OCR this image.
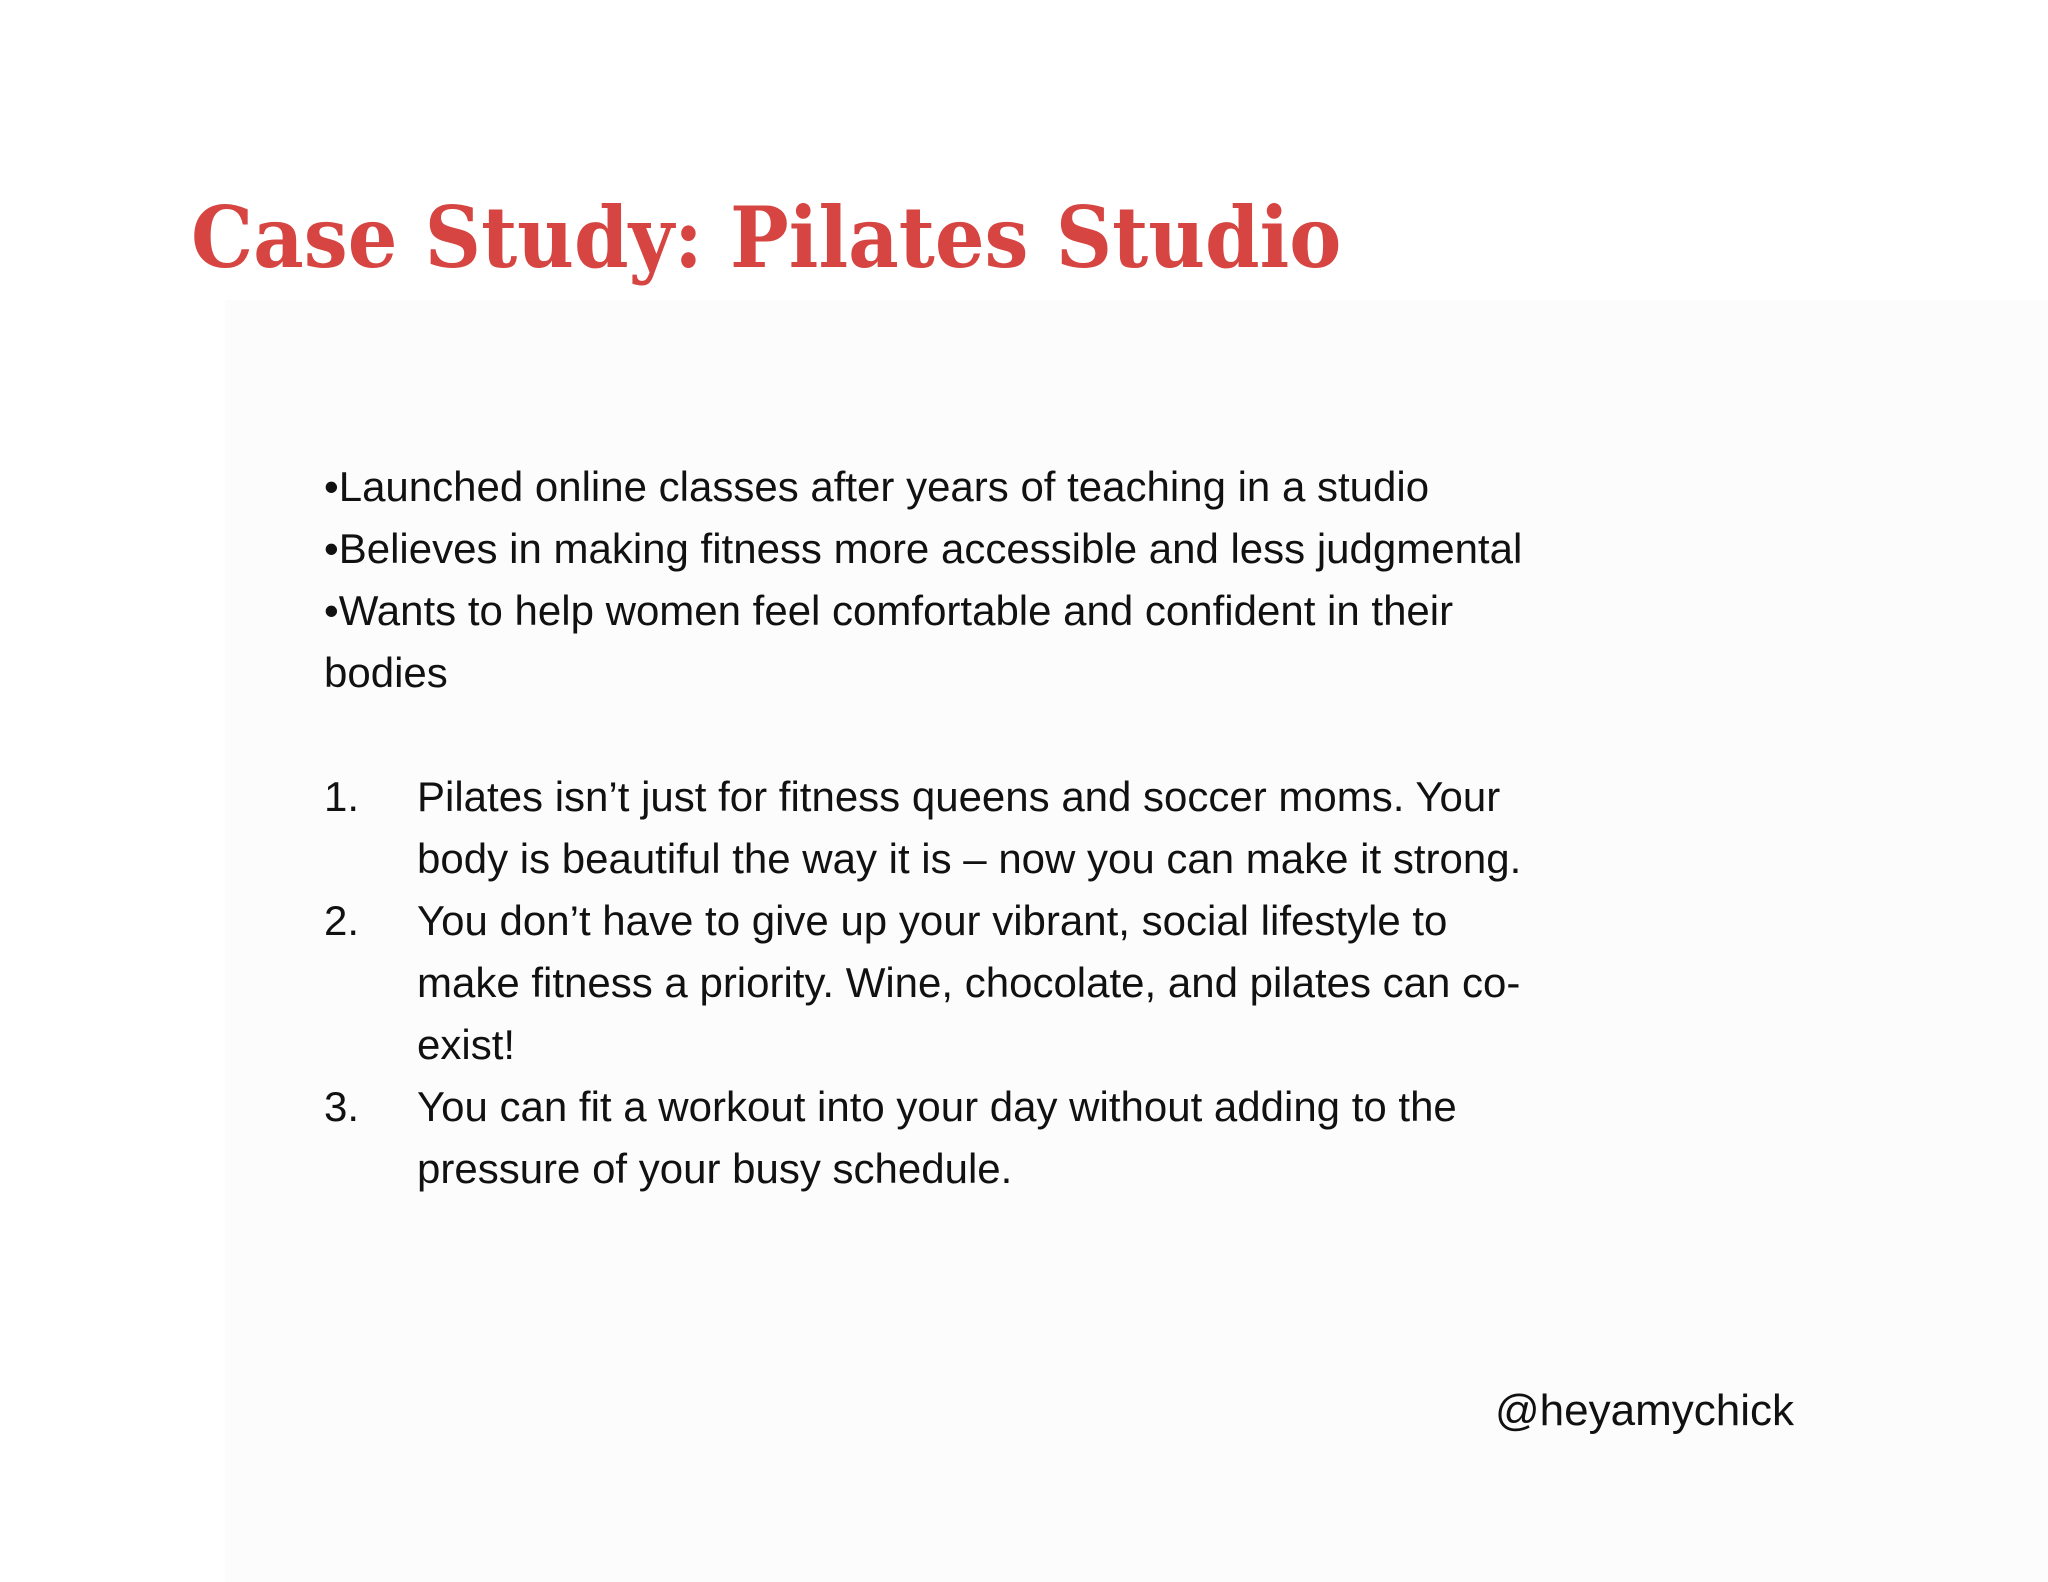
Case Study: Pilates Studio

•Launched online classes after years of teaching in a studio

•Believes in making fitness more accessible and less judgmental

•Wants to help women feel comfortable and confident in their

bodies

1.	Pilates isn’t just for fitness queens and soccer moms. Your
body is beautiful the way it is – now you can make it strong.
2.	You don’t have to give up your vibrant, social lifestyle to
make fitness a priority. Wine, chocolate, and pilates can co-
exist!
3.	You can fit a workout into your day without adding to the
pressure of your busy schedule.

@heyamychick
